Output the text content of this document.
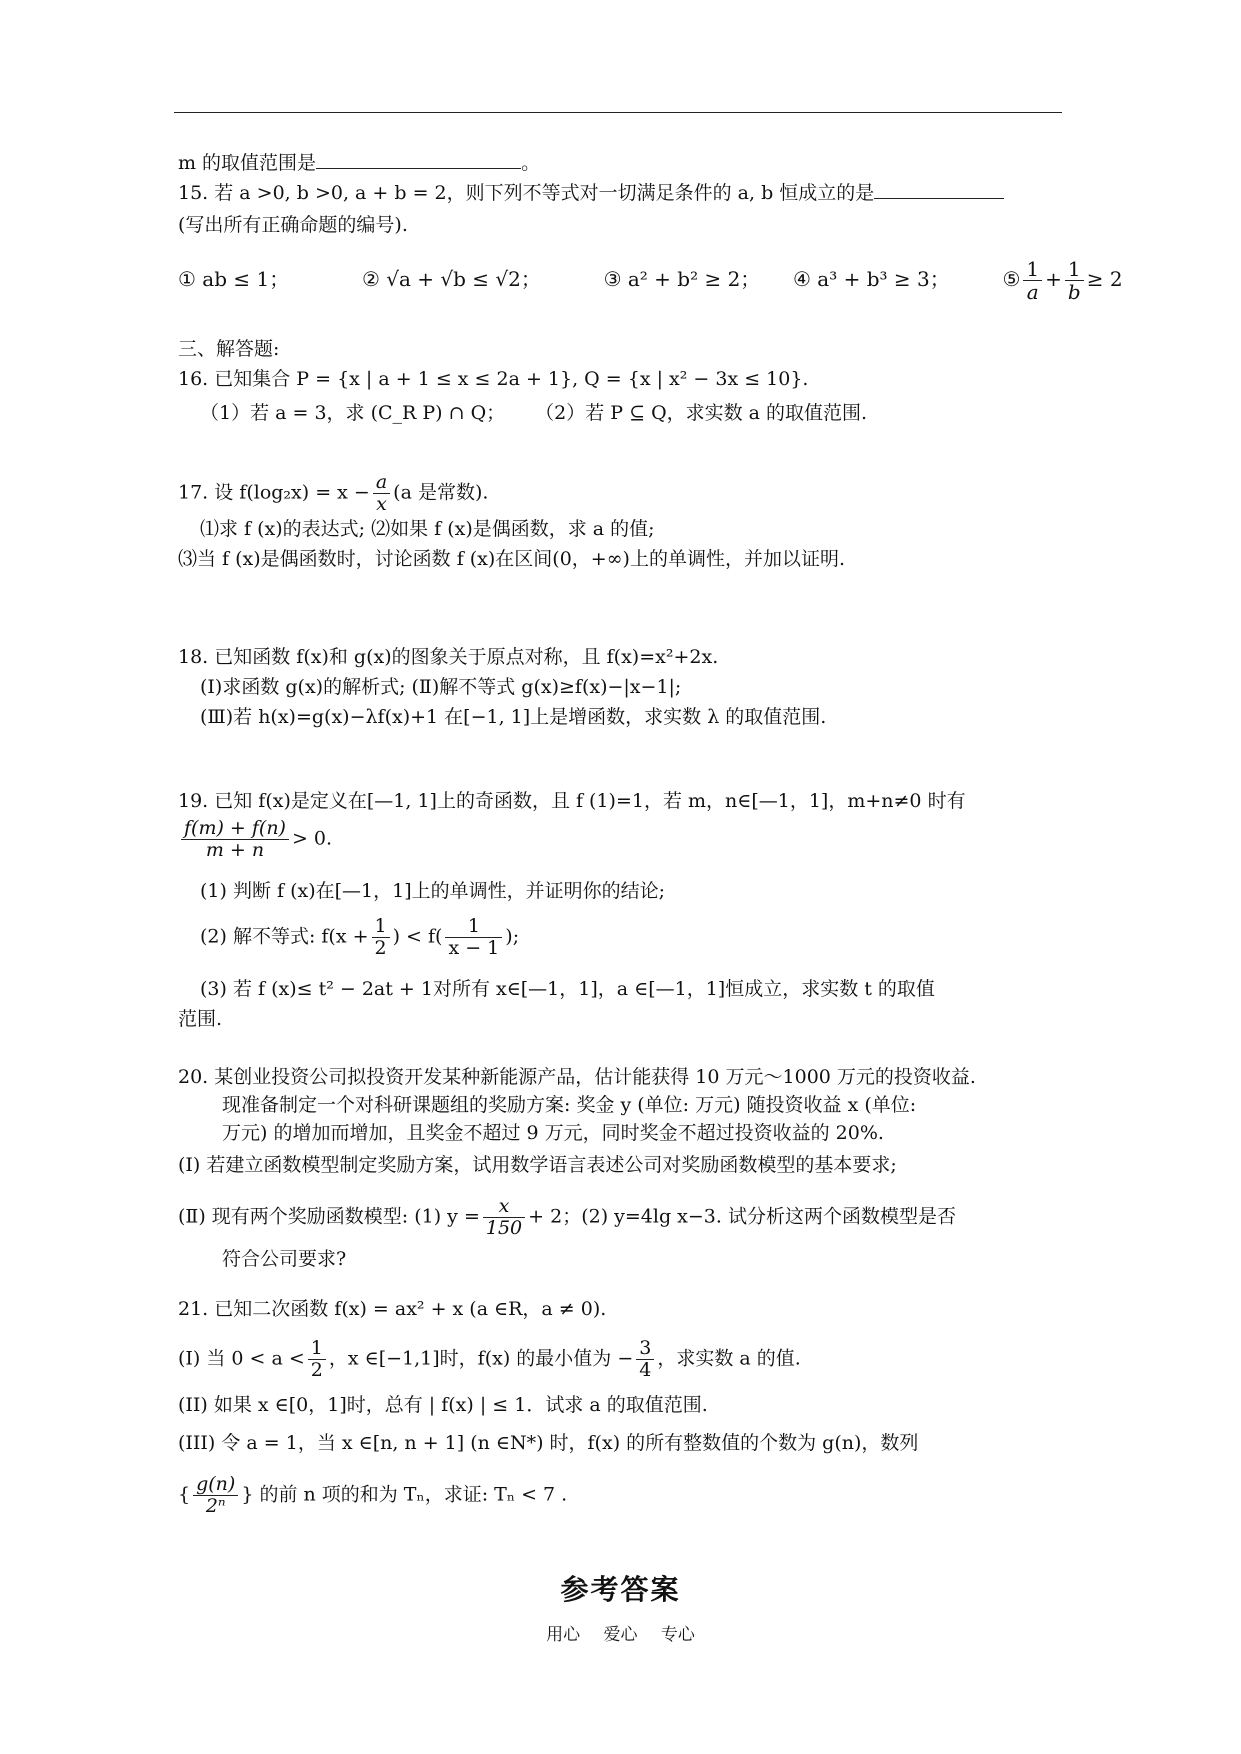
m 的取值范围是	。
15. 若 a >0, b >0, a + b = 2，则下列不等式对一切满足条件的 a, b 恒成立的是
(写出所有正确命题的编号).
① ab ≤ 1；	② √a + √b ≤ √2；	③ a² + b² ≥ 2； ④ a³ + b³ ≥ 3；	⑤ $\frac{1}{a} + \frac{1}{b} \ge 2$
三、解答题:
16. 已知集合 P = {x | a + 1 ≤ x ≤ 2a + 1}, Q = {x | x² − 3x ≤ 10}.
（1）若 a = 3，求 (C_R P) ∩ Q； （2）若 P ⊆ Q，求实数 a 的取值范围.
17. 设 $f(\log_2x) = x - \frac{a}{x} (a$ 是常数).
⑴求 f (x)的表达式; ⑵如果 f (x)是偶函数，求 a 的值;
⑶当 f (x)是偶函数时，讨论函数 f (x)在区间(0，+∞)上的单调性，并加以证明.
18. 已知函数 f(x)和 g(x)的图象关于原点对称，且 f(x)=x²+2x.
(Ⅰ)求函数 g(x)的解析式; (Ⅱ)解不等式 g(x)≥f(x)−|x−1|;
(Ⅲ)若 h(x)=g(x)−λf(x)+1 在[−1, 1]上是增函数，求实数 λ 的取值范围.
19. 已知 f(x)是定义在[—1, 1]上的奇函数，且 f (1)=1，若 m，n∈[—1，1]，m+n≠0 时有
$\frac{f(m) + f(n)}{m + n} > 0$.
(1) 判断 f (x)在[—1，1]上的单调性，并证明你的结论;
(2) 解不等式: $f(x + \frac{1}{2}$ ) < $f( \frac{1}{x - 1}$ );
(3) 若 f (x)≤ t² − 2at + 1对所有 x∈[—1，1]，a ∈[—1，1]恒成立，求实数 t 的取值
范围.
20. 某创业投资公司拟投资开发某种新能源产品，估计能获得 10 万元～1000 万元的投资收益.
现准备制定一个对科研课题组的奖励方案: 奖金 y (单位: 万元) 随投资收益 x (单位:
万元) 的增加而增加，且奖金不超过 9 万元，同时奖金不超过投资收益的 20%.
(Ⅰ) 若建立函数模型制定奖励方案，试用数学语言表述公司对奖励函数模型的基本要求;
(Ⅱ) 现有两个奖励函数模型: (1) $y = \frac{x}{150} + 2$；(2) y=4lg x−3. 试分析这两个函数模型是否
符合公司要求?
21. 已知二次函数 f(x) = ax² + x (a ∈R，a ≠ 0).
(Ⅰ) 当 $0 < a < \frac{1}{2}$ ，x ∈[−1,1]时，f(x) 的最小值为 − $\frac{3}{4}$ ，求实数 a 的值.
(II) 如果 x ∈[0，1]时，总有 | f(x) | ≤ 1．试求 a 的取值范围.
(III) 令 a = 1，当 x ∈[n, n + 1] (n ∈N*) 时，f(x) 的所有整数值的个数为 g(n)，数列
{ $\frac{g(n)}{\text{2ⁿ}}$ } 的前 n 项的和为 Tₙ，求证: Tₙ < 7 .
参考答案
用心 爱心 专心
